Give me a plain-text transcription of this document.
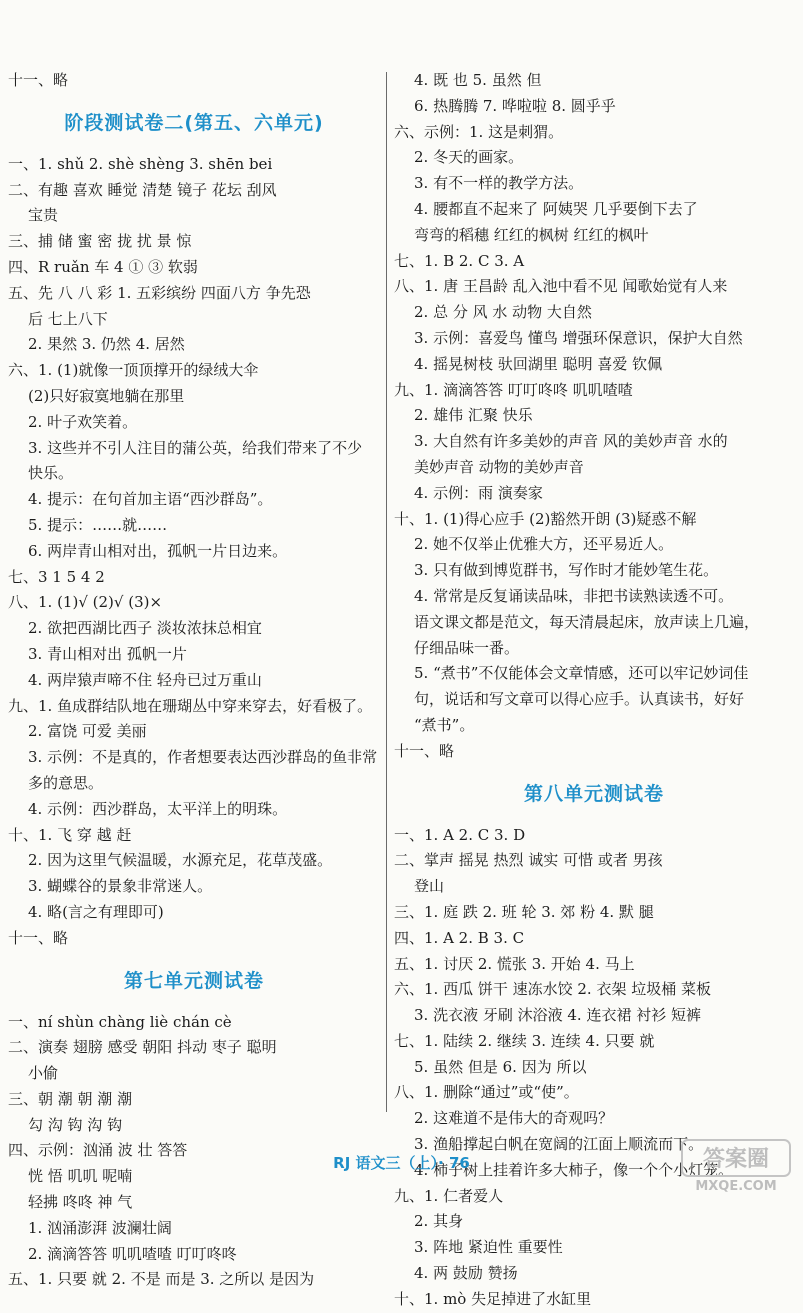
十一、略
阶段测试卷二(第五、六单元)
一、1. shǔ 2. shè shèng 3. shēn bei
二、有趣 喜欢 睡觉 清楚 镜子 花坛 刮风
宝贵
三、捕 储 蜜 密 拢 扰 景 惊
四、R ruǎn 车 4 ① ③ 软弱
五、先 八 八 彩 1. 五彩缤纷 四面八方 争先恐
后 七上八下
2. 果然 3. 仍然 4. 居然
六、1. (1)就像一顶顶撑开的绿绒大伞
(2)只好寂寞地躺在那里
2. 叶子欢笑着。
3. 这些并不引人注目的蒲公英，给我们带来了不少
快乐。
4. 提示：在句首加主语“西沙群岛”。
5. 提示：……就……
6. 两岸青山相对出，孤帆一片日边来。
七、3 1 5 4 2
八、1. (1)√ (2)√ (3)×
2. 欲把西湖比西子 淡妆浓抹总相宜
3. 青山相对出 孤帆一片
4. 两岸猿声啼不住 轻舟已过万重山
九、1. 鱼成群结队地在珊瑚丛中穿来穿去，好看极了。
2. 富饶 可爱 美丽
3. 示例：不是真的，作者想要表达西沙群岛的鱼非常
多的意思。
4. 示例：西沙群岛，太平洋上的明珠。
十、1. 飞 穿 越 赶
2. 因为这里气候温暖，水源充足，花草茂盛。
3. 蝴蝶谷的景象非常迷人。
4. 略(言之有理即可)
十一、略
第七单元测试卷
一、ní shùn chàng liè chán cè
二、演奏 翅膀 感受 朝阳 抖动 枣子 聪明
小偷
三、朝 潮 朝 潮 潮
勾 沟 钩 沟 钩
四、示例：汹涌 波 壮 答答
恍 悟 叽叽 呢喃
轻拂 咚咚 神 气
1. 汹涌澎湃 波澜壮阔
2. 滴滴答答 叽叽喳喳 叮叮咚咚
五、1. 只要 就 2. 不是 而是 3. 之所以 是因为
4. 既 也 5. 虽然 但
6. 热腾腾 7. 哗啦啦 8. 圆乎乎
六、示例：1. 这是刺猬。
2. 冬天的画家。
3. 有不一样的教学方法。
4. 腰都直不起来了 阿姨哭 几乎要倒下去了
弯弯的稻穗 红红的枫树 红红的枫叶
七、1. B 2. C 3. A
八、1. 唐 王昌龄 乱入池中看不见 闻歌始觉有人来
2. 总 分 风 水 动物 大自然
3. 示例：喜爱鸟 懂鸟 增强环保意识，保护大自然
4. 摇晃树枝 驮回湖里 聪明 喜爱 钦佩
九、1. 滴滴答答 叮叮咚咚 叽叽喳喳
2. 雄伟 汇聚 快乐
3. 大自然有许多美妙的声音 风的美妙声音 水的
美妙声音 动物的美妙声音
4. 示例：雨 演奏家
十、1. (1)得心应手 (2)豁然开朗 (3)疑惑不解
2. 她不仅举止优雅大方，还平易近人。
3. 只有做到博览群书，写作时才能妙笔生花。
4. 常常是反复诵读品味，非把书读熟读透不可。
语文课文都是范文，每天清晨起床，放声读上几遍，
仔细品味一番。
5. “煮书”不仅能体会文章情感，还可以牢记妙词佳
句，说话和写文章可以得心应手。认真读书，好好
“煮书”。
十一、略
第八单元测试卷
一、1. A 2. C 3. D
二、掌声 摇晃 热烈 诚实 可惜 或者 男孩
登山
三、1. 庭 跌 2. 班 轮 3. 郊 粉 4. 默 腿
四、1. A 2. B 3. C
五、1. 讨厌 2. 慌张 3. 开始 4. 马上
六、1. 西瓜 饼干 速冻水饺 2. 衣架 垃圾桶 菜板
3. 洗衣液 牙刷 沐浴液 4. 连衣裙 衬衫 短裤
七、1. 陆续 2. 继续 3. 连续 4. 只要 就
5. 虽然 但是 6. 因为 所以
八、1. 删除“通过”或“使”。
2. 这难道不是伟大的奇观吗？
3. 渔船撑起白帆在宽阔的江面上顺流而下。
4. 柿子树上挂着许多大柿子，像一个个小灯笼。
九、1. 仁者爱人
2. 其身
3. 阵地 紧迫性 重要性
4. 两 鼓励 赞扬
十、1. mò 失足掉进了水缸里
RJ 语文三（上）· 76	答案圈
MXQE.COM
